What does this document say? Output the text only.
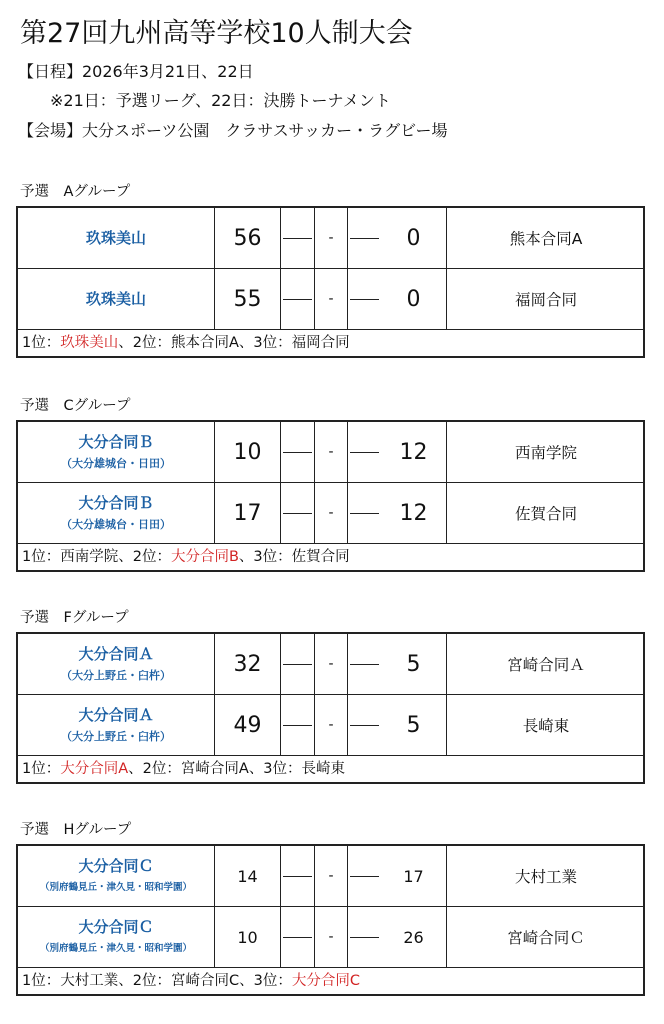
第27回九州高等学校10人制大会
【日程】2026年3月21日、22日
※21日：予選リーグ、22日：決勝トーナメント
【会場】大分スポーツ公園　クラサスサッカー・ラグビー場
予選　Aグループ
玖珠美山	56	-	0	熊本合同A
玖珠美山	55	-	0	福岡合同
1位：玖珠美山、2位：熊本合同A、3位：福岡合同
予選　Cグループ
大分合同Ｂ
（大分雄城台・日田）	10	-	12	西南学院
大分合同Ｂ
（大分雄城台・日田）	17	-	12	佐賀合同
1位：西南学院、2位：大分合同B、3位：佐賀合同
予選　Fグループ
大分合同Ａ
（大分上野丘・臼杵）	32	-	5	宮崎合同Ａ
大分合同Ａ
（大分上野丘・臼杵）	49	-	5	長崎東
1位：大分合同A、2位：宮崎合同A、3位：長崎東
予選　Hグループ
大分合同Ｃ
（別府鶴見丘・津久見・昭和学園）
14	-	17	大村工業
大分合同Ｃ
（別府鶴見丘・津久見・昭和学園）
10	-	26	宮崎合同Ｃ
1位：大村工業、2位：宮崎合同C、3位：大分合同C
